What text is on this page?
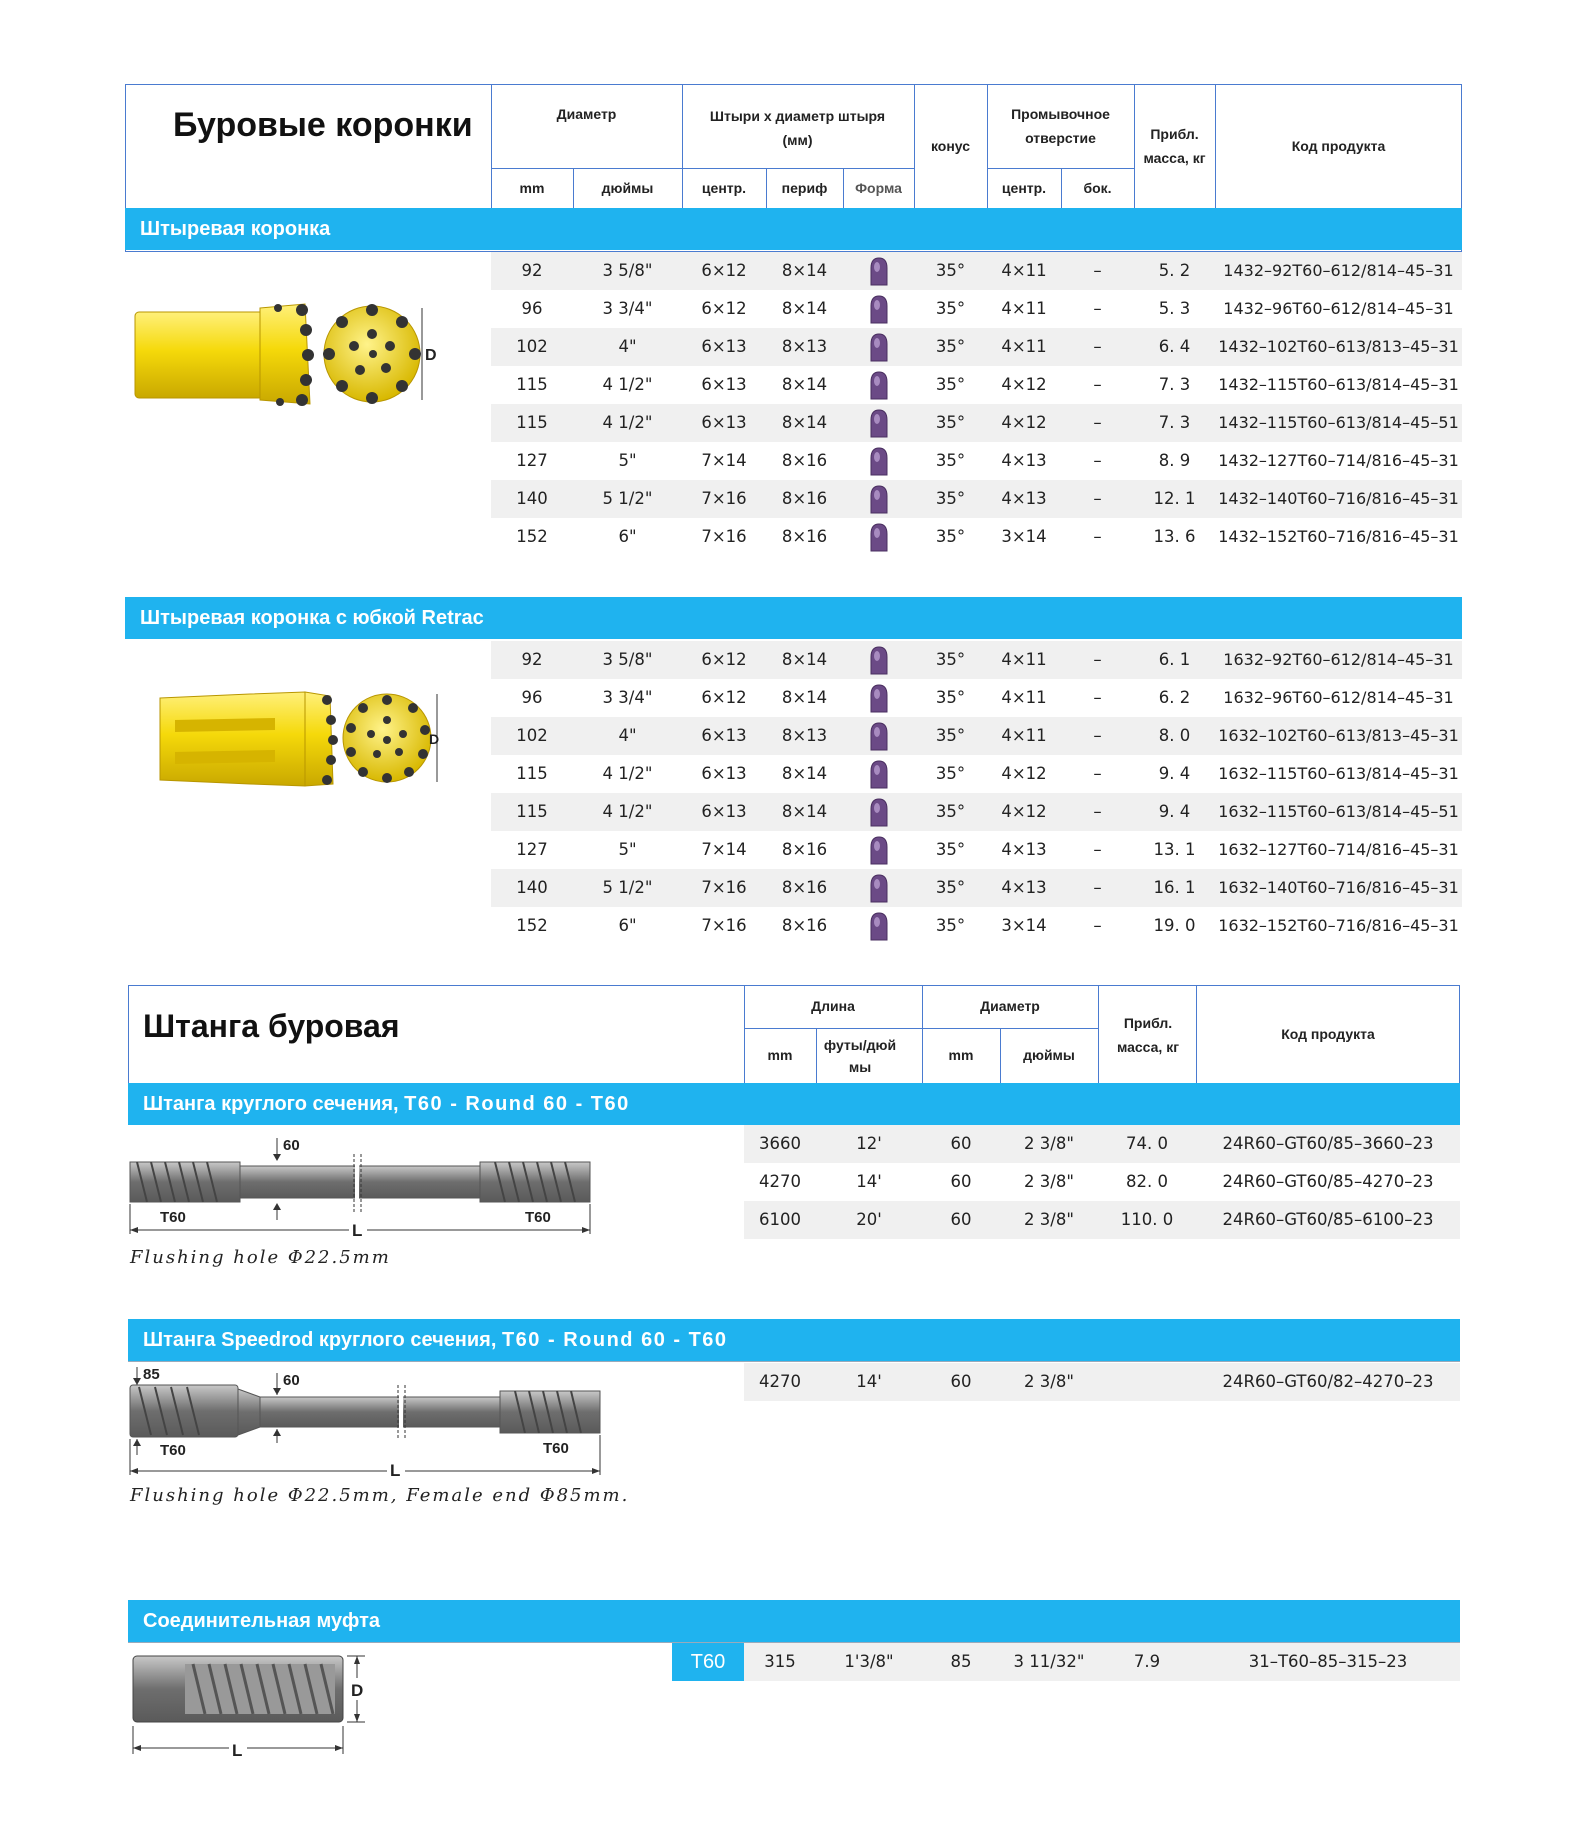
Буровые коронки	Диаметр	Штыри x диаметр штыря (мм)	конус
Промывочное отверстие	Прибл. масса, кг
Код продукта
mm	дюймы	центр.	периф	Форма	центр.	бок.
Штыревая коронка
Штыревая коронка с юбкой Retrac
92	3 5/8"	6×12	8×14	35°	4×11	–	5. 2	1432–92T60–612/814–45–31
96	3 3/4"	6×12	8×14	35°	4×11	–	5. 3	1432–96T60–612/814–45–31
102	4"	6×13	8×13	35°	4×11	–	6. 4	1432–102T60–613/813–45–31
115	4 1/2"	6×13	8×14	35°	4×12	–	7. 3	1432–115T60–613/814–45–31
115	4 1/2"	6×13	8×14	35°	4×12	–	7. 3	1432–115T60–613/814–45–51
127	5"	7×14	8×16	35°	4×13	–	8. 9	1432–127T60–714/816–45–31
140	5 1/2"	7×16	8×16	35°	4×13	–	12. 1	1432–140T60–716/816–45–31
152	6"	7×16	8×16	35°	3×14	–	13. 6	1432–152T60–716/816–45–31
92	3 5/8"	6×12	8×14	35°	4×11	–	6. 1	1632–92T60–612/814–45–31
96	3 3/4"	6×12	8×14	35°	4×11	–	6. 2	1632–96T60–612/814–45–31
102	4"	6×13	8×13	35°	4×11	–	8. 0	1632–102T60–613/813–45–31
115	4 1/2"	6×13	8×14	35°	4×12	–	9. 4	1632–115T60–613/814–45–31
115	4 1/2"	6×13	8×14	35°	4×12	–	9. 4	1632–115T60–613/814–45–51
127	5"	7×14	8×16	35°	4×13	–	13. 1	1632–127T60–714/816–45–31
140	5 1/2"	7×16	8×16	35°	4×13	–	16. 1	1632–140T60–716/816–45–31
152	6"	7×16	8×16	35°	3×14	–	19. 0	1632–152T60–716/816–45–31
D
D
Штанга буровая
Длина	Диаметр
Прибл. масса, кг
Код продукта
mm
футы/дюймы
mm	дюймы
Штанга круглого сечения, T60 - Round 60 - T60
3660	12'	60	2 3/8"	74. 0	24R60–GT60/85–3660–23
4270	14'	60	2 3/8"	82. 0	24R60–GT60/85–4270–23
6100	20'	60	2 3/8"	110. 0	24R60–GT60/85–6100–23
60
T60	T60
L
Flushing hole Φ22.5mm
Штанга Speedrod круглого сечения, T60 - Round 60 - T60
4270	14'	60	2 3/8"	24R60–GT60/82–4270–23
85	60
T60	T60
L
Flushing hole Φ22.5mm, Female end Φ85mm.
Соединительная муфта
T60	315	1'3/8"	85	3 11/32"	7.9	31–T60–85–315–23
D
L
